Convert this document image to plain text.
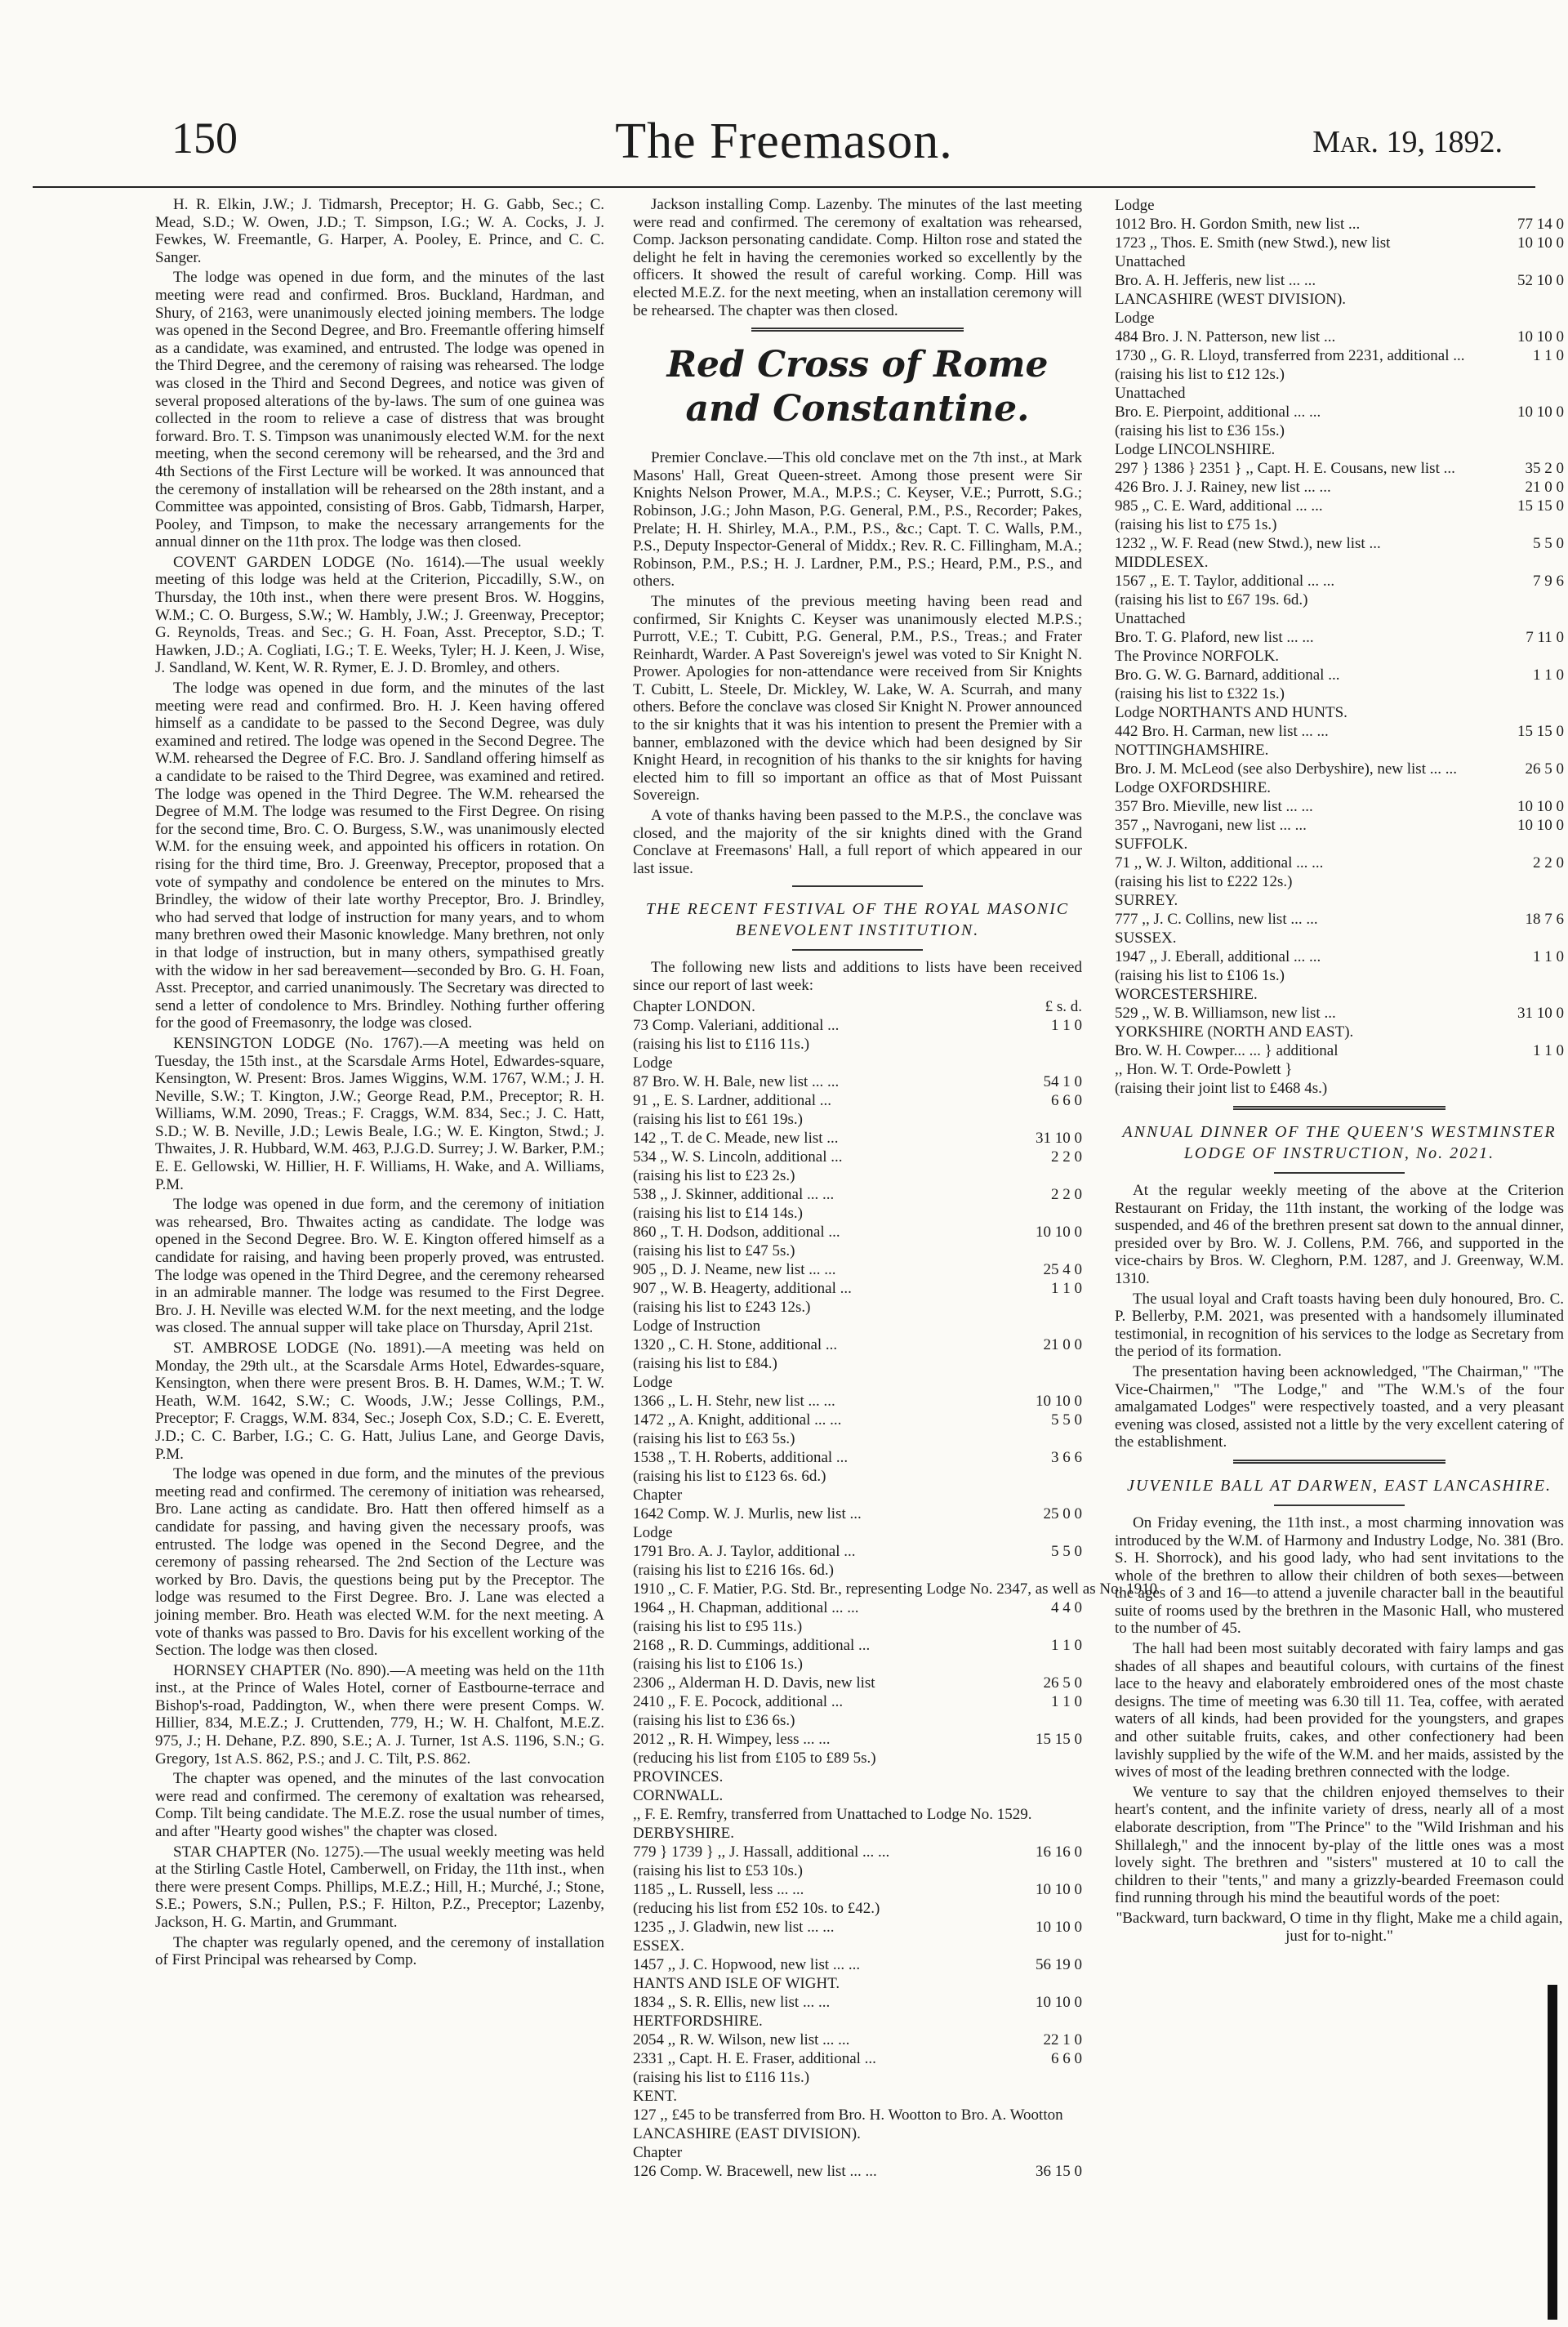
150	The Freemason.	Mar. 19, 1892.

H. R. Elkin, J.W.; J. Tidmarsh, Preceptor; H. G. Gabb, Sec.; C. Mead, S.D.; W. Owen, J.D.; T. Simpson, I.G.; W. A. Cocks, J. J. Fewkes, W. Freemantle, G. Harper, A. Pooley, E. Prince, and C. C. Sanger.

The lodge was opened in due form, and the minutes of the last meeting were read and confirmed. Bros. Buckland, Hardman, and Shury, of 2163, were unanimously elected joining members. The lodge was opened in the Second Degree, and Bro. Freemantle offering himself as a candidate, was examined, and entrusted. The lodge was opened in the Third Degree, and the ceremony of raising was rehearsed. The lodge was closed in the Third and Second Degrees, and notice was given of several proposed alterations of the by-laws. The sum of one guinea was collected in the room to relieve a case of distress that was brought forward. Bro. T. S. Timpson was unanimously elected W.M. for the next meeting, when the second ceremony will be rehearsed, and the 3rd and 4th Sections of the First Lecture will be worked. It was announced that the ceremony of installation will be rehearsed on the 28th instant, and a Committee was appointed, consisting of Bros. Gabb, Tidmarsh, Harper, Pooley, and Timpson, to make the necessary arrangements for the annual dinner on the 11th prox. The lodge was then closed.

COVENT GARDEN LODGE (No. 1614).—The usual weekly meeting of this lodge was held at the Criterion, Piccadilly, S.W., on Thursday, the 10th inst., when there were present Bros. W. Hoggins, W.M.; C. O. Burgess, S.W.; W. Hambly, J.W.; J. Greenway, Preceptor; G. Reynolds, Treas. and Sec.; G. H. Foan, Asst. Preceptor, S.D.; T. Hawken, J.D.; A. Cogliati, I.G.; T. E. Weeks, Tyler; H. J. Keen, J. Wise, J. Sandland, W. Kent, W. R. Rymer, E. J. D. Bromley, and others.

The lodge was opened in due form, and the minutes of the last meeting were read and confirmed. Bro. H. J. Keen having offered himself as a candidate to be passed to the Second Degree, was duly examined and retired. The lodge was opened in the Second Degree. The W.M. rehearsed the Degree of F.C. Bro. J. Sandland offering himself as a candidate to be raised to the Third Degree, was examined and retired. The lodge was opened in the Third Degree. The W.M. rehearsed the Degree of M.M. The lodge was resumed to the First Degree. On rising for the second time, Bro. C. O. Burgess, S.W., was unanimously elected W.M. for the ensuing week, and appointed his officers in rotation. On rising for the third time, Bro. J. Greenway, Preceptor, proposed that a vote of sympathy and condolence be entered on the minutes to Mrs. Brindley, the widow of their late worthy Preceptor, Bro. J. Brindley, who had served that lodge of instruction for many years, and to whom many brethren owed their Masonic knowledge. Many brethren, not only in that lodge of instruction, but in many others, sympathised greatly with the widow in her sad bereavement—seconded by Bro. G. H. Foan, Asst. Preceptor, and carried unanimously. The Secretary was directed to send a letter of condolence to Mrs. Brindley. Nothing further offering for the good of Freemasonry, the lodge was closed.

KENSINGTON LODGE (No. 1767).—A meeting was held on Tuesday, the 15th inst., at the Scarsdale Arms Hotel, Edwardes-square, Kensington, W. Present: Bros. James Wiggins, W.M. 1767, W.M.; J. H. Neville, S.W.; T. Kington, J.W.; George Read, P.M., Preceptor; R. H. Williams, W.M. 2090, Treas.; F. Craggs, W.M. 834, Sec.; J. C. Hatt, S.D.; W. B. Neville, J.D.; Lewis Beale, I.G.; W. E. Kington, Stwd.; J. Thwaites, J. R. Hubbard, W.M. 463, P.J.G.D. Surrey; J. W. Barker, P.M.; E. E. Gellowski, W. Hillier, H. F. Williams, H. Wake, and A. Williams, P.M.

The lodge was opened in due form, and the ceremony of initiation was rehearsed, Bro. Thwaites acting as candidate. The lodge was opened in the Second Degree. Bro. W. E. Kington offered himself as a candidate for raising, and having been properly proved, was entrusted. The lodge was opened in the Third Degree, and the ceremony rehearsed in an admirable manner. The lodge was resumed to the First Degree. Bro. J. H. Neville was elected W.M. for the next meeting, and the lodge was closed. The annual supper will take place on Thursday, April 21st.

ST. AMBROSE LODGE (No. 1891).—A meeting was held on Monday, the 29th ult., at the Scarsdale Arms Hotel, Edwardes-square, Kensington, when there were present Bros. B. H. Dames, W.M.; T. W. Heath, W.M. 1642, S.W.; C. Woods, J.W.; Jesse Collings, P.M., Preceptor; F. Craggs, W.M. 834, Sec.; Joseph Cox, S.D.; C. E. Everett, J.D.; C. C. Barber, I.G.; C. G. Hatt, Julius Lane, and George Davis, P.M.

The lodge was opened in due form, and the minutes of the previous meeting read and confirmed. The ceremony of initiation was rehearsed, Bro. Lane acting as candidate. Bro. Hatt then offered himself as a candidate for passing, and having given the necessary proofs, was entrusted. The lodge was opened in the Second Degree, and the ceremony of passing rehearsed. The 2nd Section of the Lecture was worked by Bro. Davis, the questions being put by the Preceptor. The lodge was resumed to the First Degree. Bro. J. Lane was elected a joining member. Bro. Heath was elected W.M. for the next meeting. A vote of thanks was passed to Bro. Davis for his excellent working of the Section. The lodge was then closed.

HORNSEY CHAPTER (No. 890).—A meeting was held on the 11th inst., at the Prince of Wales Hotel, corner of Eastbourne-terrace and Bishop's-road, Paddington, W., when there were present Comps. W. Hillier, 834, M.E.Z.; J. Cruttenden, 779, H.; W. H. Chalfont, M.E.Z. 975, J.; H. Dehane, P.Z. 890, S.E.; A. J. Turner, 1st A.S. 1196, S.N.; G. Gregory, 1st A.S. 862, P.S.; and J. C. Tilt, P.S. 862.

The chapter was opened, and the minutes of the last convocation were read and confirmed. The ceremony of exaltation was rehearsed, Comp. Tilt being candidate. The M.E.Z. rose the usual number of times, and after "Hearty good wishes" the chapter was closed.

STAR CHAPTER (No. 1275).—The usual weekly meeting was held at the Stirling Castle Hotel, Camberwell, on Friday, the 11th inst., when there were present Comps. Phillips, M.E.Z.; Hill, H.; Murché, J.; Stone, S.E.; Powers, S.N.; Pullen, P.S.; F. Hilton, P.Z., Preceptor; Lazenby, Jackson, H. G. Martin, and Grummant.

The chapter was regularly opened, and the ceremony of installation of First Principal was rehearsed by Comp.

Jackson installing Comp. Lazenby. The minutes of the last meeting were read and confirmed. The ceremony of exaltation was rehearsed, Comp. Jackson personating candidate. Comp. Hilton rose and stated the delight he felt in having the ceremonies worked so excellently by the officers. It showed the result of careful working. Comp. Hill was elected M.E.Z. for the next meeting, when an installation ceremony will be rehearsed. The chapter was then closed.

Red Cross of Rome and Constantine.

Premier Conclave.—This old conclave met on the 7th inst., at Mark Masons' Hall, Great Queen-street. Among those present were Sir Knights Nelson Prower, M.A., M.P.S.; C. Keyser, V.E.; Purrott, S.G.; Robinson, J.G.; John Mason, P.G. General, P.M., P.S., Recorder; Pakes, Prelate; H. H. Shirley, M.A., P.M., P.S., &c.; Capt. T. C. Walls, P.M., P.S., Deputy Inspector-General of Middx.; Rev. R. C. Fillingham, M.A.; Robinson, P.M., P.S.; H. J. Lardner, P.M., P.S.; Heard, P.M., P.S., and others.

The minutes of the previous meeting having been read and confirmed, Sir Knights C. Keyser was unanimously elected M.P.S.; Purrott, V.E.; T. Cubitt, P.G. General, P.M., P.S., Treas.; and Frater Reinhardt, Warder. A Past Sovereign's jewel was voted to Sir Knight N. Prower. Apologies for non-attendance were received from Sir Knights T. Cubitt, L. Steele, Dr. Mickley, W. Lake, W. A. Scurrah, and many others. Before the conclave was closed Sir Knight N. Prower announced to the sir knights that it was his intention to present the Premier with a banner, emblazoned with the device which had been designed by Sir Knight Heard, in recognition of his thanks to the sir knights for having elected him to fill so important an office as that of Most Puissant Sovereign.

A vote of thanks having been passed to the M.P.S., the conclave was closed, and the majority of the sir knights dined with the Grand Conclave at Freemasons' Hall, a full report of which appeared in our last issue.

THE RECENT FESTIVAL OF THE ROYAL MASONIC BENEVOLENT INSTITUTION.

The following new lists and additions to lists have been received since our report of last week:

Chapter LONDON.	£ s. d.
73 Comp. Valeriani, additional ...	1 1 0
(raising his list to £116 11s.)
Lodge
87 Bro. W. H. Bale, new list ... ...	54 1 0
91 ,, E. S. Lardner, additional ...	6 6 0
(raising his list to £61 19s.)
142 ,, T. de C. Meade, new list ...	31 10 0
534 ,, W. S. Lincoln, additional ...	2 2 0
(raising his list to £23 2s.)
538 ,, J. Skinner, additional ... ...	2 2 0
(raising his list to £14 14s.)
860 ,, T. H. Dodson, additional ...	10 10 0
(raising his list to £47 5s.)
905 ,, D. J. Neame, new list ... ...	25 4 0
907 ,, W. B. Heagerty, additional ...	1 1 0
(raising his list to £243 12s.)
Lodge of Instruction
1320 ,, C. H. Stone, additional ...	21 0 0
(raising his list to £84.)
Lodge
1366 ,, L. H. Stehr, new list ... ...	10 10 0
1472 ,, A. Knight, additional ... ...	5 5 0
(raising his list to £63 5s.)
1538 ,, T. H. Roberts, additional ...	3 6 6
(raising his list to £123 6s. 6d.)
Chapter
1642 Comp. W. J. Murlis, new list ...	25 0 0
Lodge
1791 Bro. A. J. Taylor, additional ...	5 5 0
(raising his list to £216 16s. 6d.)
1910 ,, C. F. Matier, P.G. Std. Br., representing Lodge No. 2347, as well as No. 1910
1964 ,, H. Chapman, additional ... ...	4 4 0
(raising his list to £95 11s.)
2168 ,, R. D. Cummings, additional ...	1 1 0
(raising his list to £106 1s.)
2306 ,, Alderman H. D. Davis, new list	26 5 0
2410 ,, F. E. Pocock, additional ...	1 1 0
(raising his list to £36 6s.)
2012 ,, R. H. Wimpey, less ... ...	15 15 0
(reducing his list from £105 to £89 5s.)
PROVINCES.
CORNWALL.
,, F. E. Remfry, transferred from Unattached to Lodge No. 1529.
DERBYSHIRE.
779 } 1739 } ,, J. Hassall, additional ... ...	16 16 0
(raising his list to £53 10s.)
1185 ,, L. Russell, less ... ...	10 10 0
(reducing his list from £52 10s. to £42.)
1235 ,, J. Gladwin, new list ... ...	10 10 0
ESSEX.
1457 ,, J. C. Hopwood, new list ... ...	56 19 0
HANTS AND ISLE OF WIGHT.
1834 ,, S. R. Ellis, new list ... ...	10 10 0
HERTFORDSHIRE.
2054 ,, R. W. Wilson, new list ... ...	22 1 0
2331 ,, Capt. H. E. Fraser, additional ...	6 6 0
(raising his list to £116 11s.)
KENT.
127 ,, £45 to be transferred from Bro. H. Wootton to Bro. A. Wootton
LANCASHIRE (EAST DIVISION).
Chapter
126 Comp. W. Bracewell, new list ... ...	36 15 0
Lodge
1012 Bro. H. Gordon Smith, new list ...	77 14 0
1723 ,, Thos. E. Smith (new Stwd.), new list	10 10 0
Unattached
Bro. A. H. Jefferis, new list ... ...	52 10 0
LANCASHIRE (WEST DIVISION).
Lodge
484 Bro. J. N. Patterson, new list ...	10 10 0
1730 ,, G. R. Lloyd, transferred from 2231, additional ...	1 1 0
(raising his list to £12 12s.)
Unattached
Bro. E. Pierpoint, additional ... ...	10 10 0
(raising his list to £36 15s.)
Lodge LINCOLNSHIRE.
297 } 1386 } 2351 } ,, Capt. H. E. Cousans, new list ...	35 2 0
426 Bro. J. J. Rainey, new list ... ...	21 0 0
985 ,, C. E. Ward, additional ... ...	15 15 0
(raising his list to £75 1s.)
1232 ,, W. F. Read (new Stwd.), new list ...	5 5 0
MIDDLESEX.
1567 ,, E. T. Taylor, additional ... ...	7 9 6
(raising his list to £67 19s. 6d.)
Unattached
Bro. T. G. Plaford, new list ... ...	7 11 0
The Province NORFOLK.
Bro. G. W. G. Barnard, additional ...	1 1 0
(raising his list to £322 1s.)
Lodge NORTHANTS AND HUNTS.
442 Bro. H. Carman, new list ... ...	15 15 0
NOTTINGHAMSHIRE.
Bro. J. M. McLeod (see also Derbyshire), new list ... ...	26 5 0
Lodge OXFORDSHIRE.
357 Bro. Mieville, new list ... ...	10 10 0
357 ,, Navrogani, new list ... ...	10 10 0
SUFFOLK.
71 ,, W. J. Wilton, additional ... ...	2 2 0
(raising his list to £222 12s.)
SURREY.
777 ,, J. C. Collins, new list ... ...	18 7 6
SUSSEX.
1947 ,, J. Eberall, additional ... ...	1 1 0
(raising his list to £106 1s.)
WORCESTERSHIRE.
529 ,, W. B. Williamson, new list ...	31 10 0
YORKSHIRE (NORTH AND EAST).
Bro. W. H. Cowper... ... } additional	1 1 0
,, Hon. W. T. Orde-Powlett }
(raising their joint list to £468 4s.)
ANNUAL DINNER OF THE QUEEN'S WESTMINSTER LODGE OF INSTRUCTION, No. 2021.

At the regular weekly meeting of the above at the Criterion Restaurant on Friday, the 11th instant, the working of the lodge was suspended, and 46 of the brethren present sat down to the annual dinner, presided over by Bro. W. J. Collens, P.M. 766, and supported in the vice-chairs by Bros. W. Cleghorn, P.M. 1287, and J. Greenway, W.M. 1310.

The usual loyal and Craft toasts having been duly honoured, Bro. C. P. Bellerby, P.M. 2021, was presented with a handsomely illuminated testimonial, in recognition of his services to the lodge as Secretary from the period of its formation.

The presentation having been acknowledged, "The Chairman," "The Vice-Chairmen," "The Lodge," and "The W.M.'s of the four amalgamated Lodges" were respectively toasted, and a very pleasant evening was closed, assisted not a little by the very excellent catering of the establishment.

JUVENILE BALL AT DARWEN, EAST LANCASHIRE.

On Friday evening, the 11th inst., a most charming innovation was introduced by the W.M. of Harmony and Industry Lodge, No. 381 (Bro. S. H. Shorrock), and his good lady, who had sent invitations to the whole of the brethren to allow their children of both sexes—between the ages of 3 and 16—to attend a juvenile character ball in the beautiful suite of rooms used by the brethren in the Masonic Hall, who mustered to the number of 45.

The hall had been most suitably decorated with fairy lamps and gas shades of all shapes and beautiful colours, with curtains of the finest lace to the heavy and elaborately embroidered ones of the most chaste designs. The time of meeting was 6.30 till 11. Tea, coffee, with aerated waters of all kinds, had been provided for the youngsters, and grapes and other suitable fruits, cakes, and other confectionery had been lavishly supplied by the wife of the W.M. and her maids, assisted by the wives of most of the leading brethren connected with the lodge.

We venture to say that the children enjoyed themselves to their heart's content, and the infinite variety of dress, nearly all of a most elaborate description, from "The Prince" to the "Wild Irishman and his Shillalegh," and the innocent by-play of the little ones was a most lovely sight. The brethren and "sisters" mustered at 10 to call the children to their "tents," and many a grizzly-bearded Freemason could find running through his mind the beautiful words of the poet:

"Backward, turn backward, O time in thy flight, Make me a child again, just for to-night."
